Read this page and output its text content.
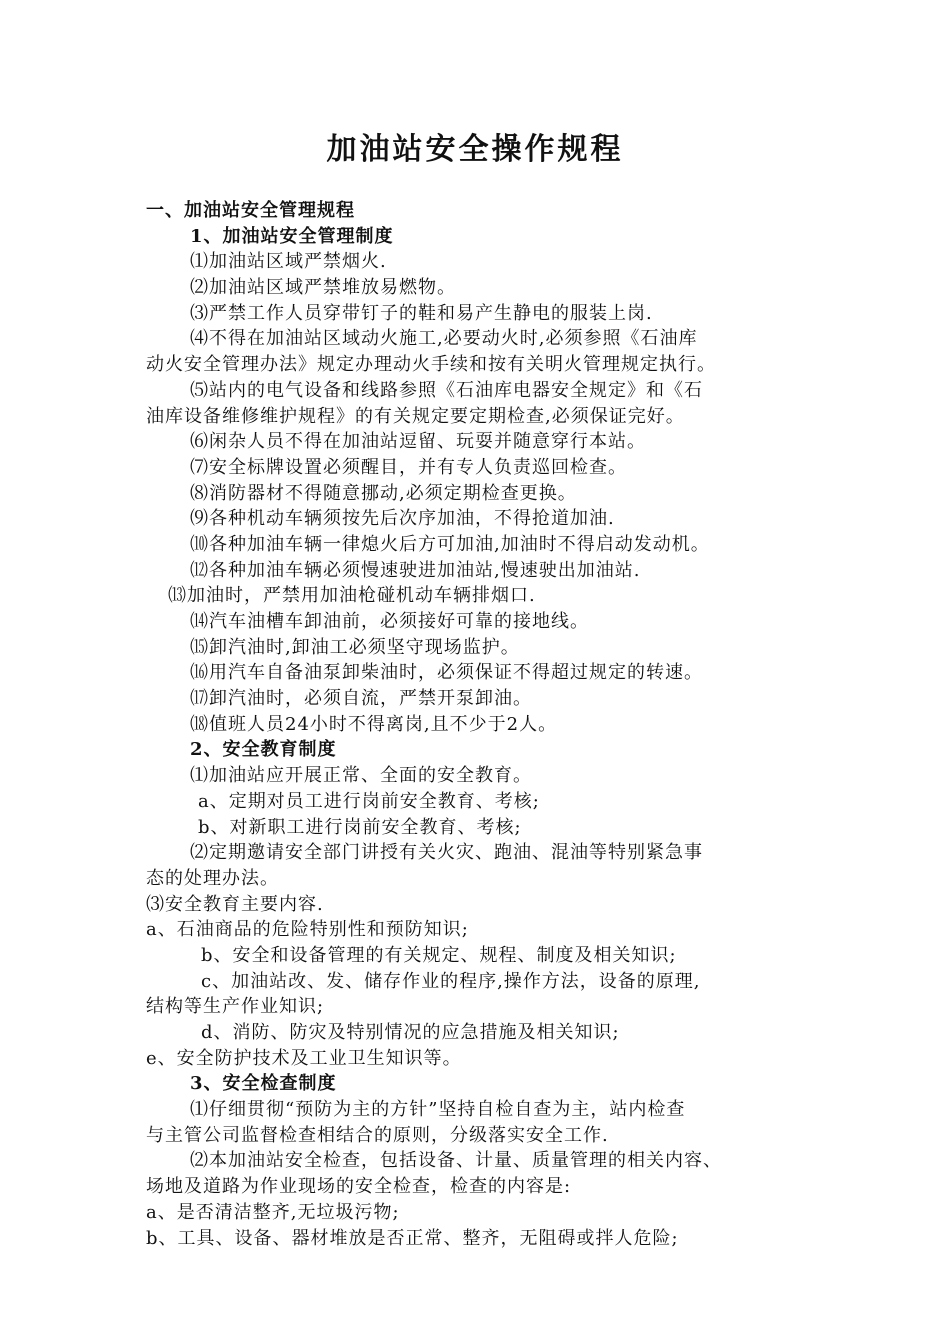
加油站安全操作规程
一、加油站安全管理规程
1、加油站安全管理制度
⑴加油站区域严禁烟火.
⑵加油站区域严禁堆放易燃物。
⑶严禁工作人员穿带钉子的鞋和易产生静电的服装上岗.
⑷不得在加油站区域动火施工,必要动火时,必须参照《石油库
动火安全管理办法》规定办理动火手续和按有关明火管理规定执行。
⑸站内的电气设备和线路参照《石油库电器安全规定》和《石
油库设备维修维护规程》的有关规定要定期检查,必须保证完好。
⑹闲杂人员不得在加油站逗留、玩耍并随意穿行本站。
⑺安全标牌设置必须醒目，并有专人负责巡回检查。
⑻消防器材不得随意挪动,必须定期检查更换。
⑼各种机动车辆须按先后次序加油，不得抢道加油.
⑽各种加油车辆一律熄火后方可加油,加油时不得启动发动机。
⑿各种加油车辆必须慢速驶进加油站,慢速驶出加油站.
⒀加油时，严禁用加油枪碰机动车辆排烟口.
⒁汽车油槽车卸油前，必须接好可靠的接地线。
⒂卸汽油时,卸油工必须坚守现场监护。
⒃用汽车自备油泵卸柴油时，必须保证不得超过规定的转速。
⒄卸汽油时，必须自流，严禁开泵卸油。
⒅值班人员24小时不得离岗,且不少于2人。
2、安全教育制度
⑴加油站应开展正常、全面的安全教育。
a、定期对员工进行岗前安全教育、考核;
b、对新职工进行岗前安全教育、考核;
⑵定期邀请安全部门讲授有关火灾、跑油、混油等特别紧急事
态的处理办法。
⑶安全教育主要内容.
a、石油商品的危险特别性和预防知识;
b、安全和设备管理的有关规定、规程、制度及相关知识;
c、加油站改、发、储存作业的程序,操作方法，设备的原理,
结构等生产作业知识;
d、消防、防灾及特别情况的应急措施及相关知识;
e、安全防护技术及工业卫生知识等。
3、安全检查制度
⑴仔细贯彻“预防为主的方针”坚持自检自查为主，站内检查
与主管公司监督检查相结合的原则，分级落实安全工作.
⑵本加油站安全检查，包括设备、计量、质量管理的相关内容、
场地及道路为作业现场的安全检查，检查的内容是:
a、是否清洁整齐,无垃圾污物;
b、工具、设备、器材堆放是否正常、整齐，无阻碍或拌人危险;
